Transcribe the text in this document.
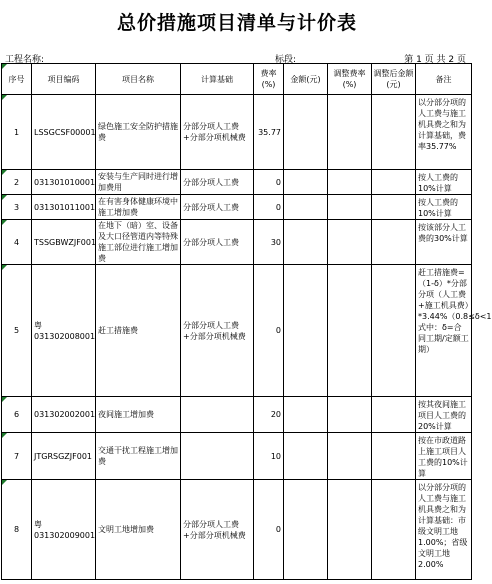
总价措施项目清单与计价表
工程名称:	标段:	第 1 页 共 2 页
序号	项目编码	项目名称	计算基础	费率(%)	金额(元)	调整费率(%)	调整后金额(元)	备注

1	LSSGCSF00001	绿色施工安全防护措施费	分部分项人工费+分部分项机械费	35.77				以分部分项的人工费与施工机具费之和为计算基础，费率35.77%

2	031301010001	安装与生产同时进行增加费用	分部分项人工费	0				按人工费的10%计算

3	031301011001	在有害身体健康环境中施工增加费	分部分项人工费	0				按人工费的10%计算

4	TSSGBWZJF001	在地下（暗）室、设备及大口径管道内等特殊施工部位进行施工增加费	分部分项人工费	30				按该部分人工费的30%计算

5	粤031302008001	赶工措施费	分部分项人工费+分部分项机械费	0				赶工措施费=（1-δ）*分部分项（人工费+施工机具费）*3.44%（0.8≤δ<1 式中：δ=合同工期/定额工期）

6	031302002001	夜间施工增加费		20				按其夜间施工项目人工费的20%计算

7	JTGRSGZJF001	交通干扰工程施工增加费		10				按在市政道路上施工项目人工费的10%计算

8	粤031302009001	文明工地增加费	分部分项人工费+分部分项机械费	0				以分部分项的人工费与施工机具费之和为计算基础：市级文明工地1.00%；省级文明工地2.00%
